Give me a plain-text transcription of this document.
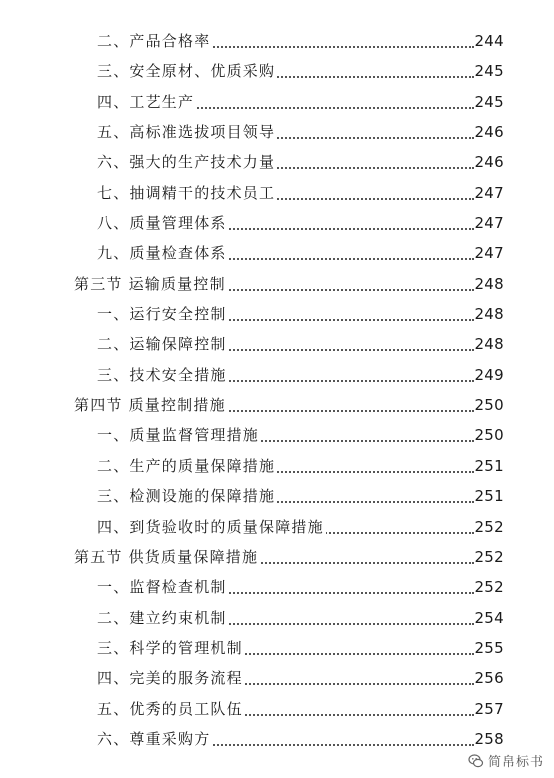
二、产品合格率	244
三、安全原材、优质采购	245
四、工艺生产	245
五、高标准选拔项目领导	246
六、强大的生产技术力量	246
七、抽调精干的技术员工	247
八、质量管理体系	247
九、质量检查体系	247
第三节 运输质量控制	248
一、运行安全控制	248
二、运输保障控制	248
三、技术安全措施	249
第四节 质量控制措施	250
一、质量监督管理措施	250
二、生产的质量保障措施	251
三、检测设施的保障措施	251
四、到货验收时的质量保障措施	252
第五节 供货质量保障措施	252
一、监督检查机制	252
二、建立约束机制	254
三、科学的管理机制	255
四、完美的服务流程	256
五、优秀的员工队伍	257
六、尊重采购方	258
简帛标书
